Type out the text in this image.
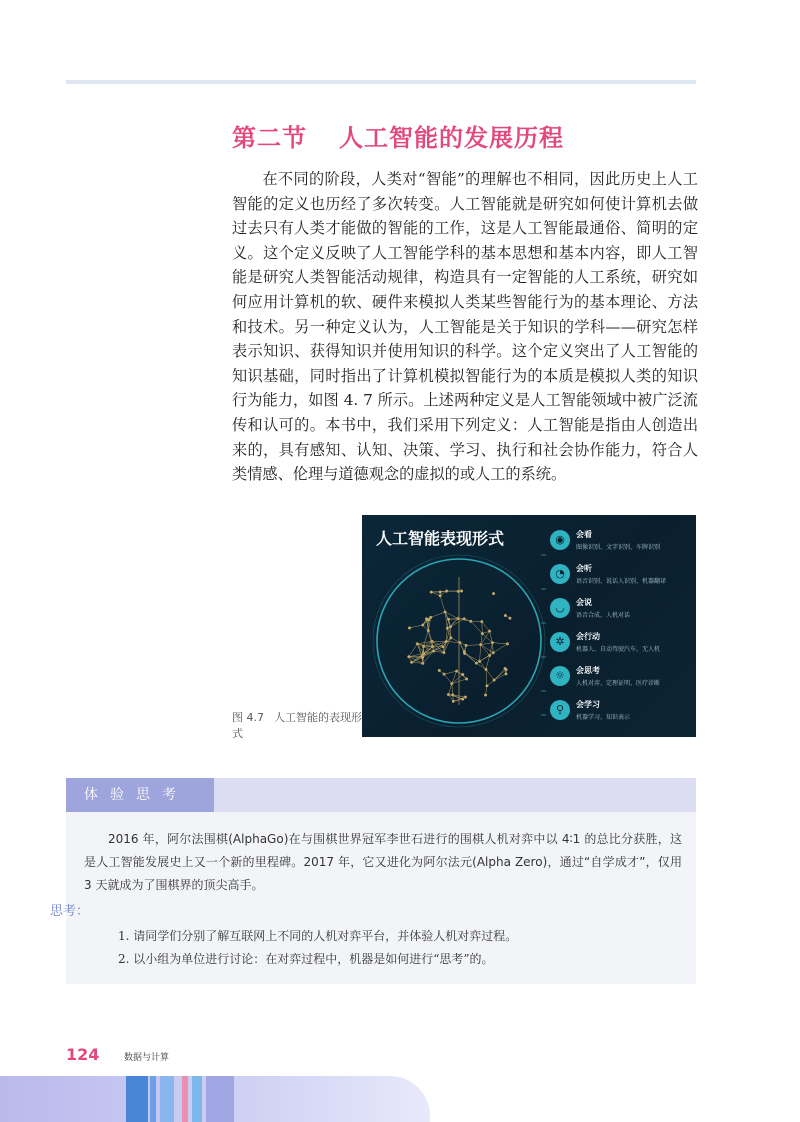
第二节 人工智能的发展历程

在不同的阶段，人类对“智能”的理解也不相同，因此历史上人工智能的定义也历经了多次转变。人工智能就是研究如何使计算机去做过去只有人类才能做的智能的工作，这是人工智能最通俗、简明的定义。这个定义反映了人工智能学科的基本思想和基本内容，即人工智能是研究人类智能活动规律，构造具有一定智能的人工系统，研究如何应用计算机的软、硬件来模拟人类某些智能行为的基本理论、方法和技术。另一种定义认为，人工智能是关于知识的学科——研究怎样表示知识、获得知识并使用知识的科学。这个定义突出了人工智能的知识基础，同时指出了计算机模拟智能行为的本质是模拟人类的知识行为能力，如图 4. 7 所示。上述两种定义是人工智能领域中被广泛流传和认可的。本书中，我们采用下列定义：人工智能是指由人创造出来的，具有感知、认知、决策、学习、执行和社会协作能力，符合人类情感、伦理与道德观念的虚拟的或人工的系统。

人工智能表现形式	◉	会看
图像识别、文字识别、车牌识别
◔	会听
语音识别、说话人识别、机器翻译
◡	会说
语音合成、人机对话
✲	会行动
机器人、自动驾驶汽车、无人机
☼	会思考
人机对弈、定理证明、医疗诊断
⚲	会学习
机器学习、知识表示
图 4.7 人工智能的表现形式
体验思考

2016 年，阿尔法围棋(AlphaGo)在与围棋世界冠军李世石进行的围棋人机对弈中以 4∶1 的总比分获胜，这是人工智能发展史上又一个新的里程碑。2017 年，它又进化为阿尔法元(Alpha Zero)，通过“自学成才”，仅用 3 天就成为了围棋界的顶尖高手。

思考：
1. 请同学们分别了解互联网上不同的人机对弈平台，并体验人机对弈过程。
2. 以小组为单位进行讨论：在对弈过程中，机器是如何进行“思考”的。
124	数据与计算
